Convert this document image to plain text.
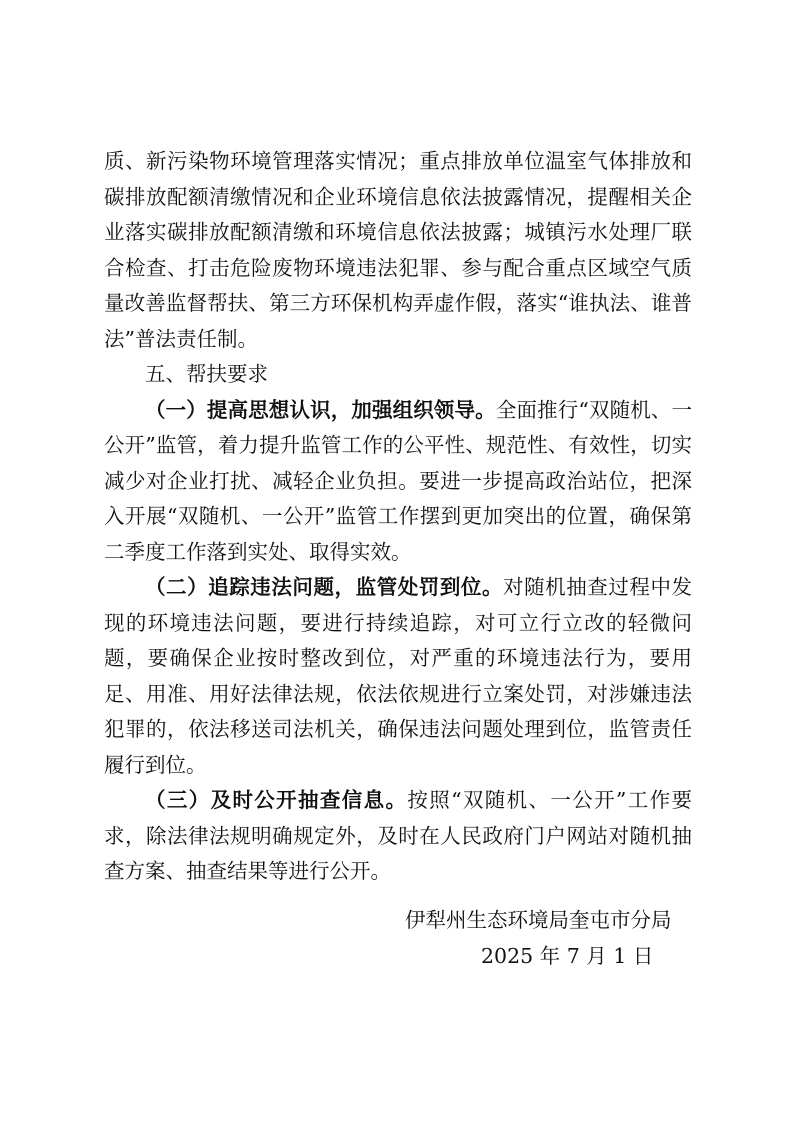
质、新污染物环境管理落实情况；重点排放单位温室气体排放和碳排放配额清缴情况和企业环境信息依法披露情况，提醒相关企业落实碳排放配额清缴和环境信息依法披露；城镇污水处理厂联合检查、打击危险废物环境违法犯罪、参与配合重点区域空气质量改善监督帮扶、第三方环保机构弄虚作假，落实“谁执法、谁普法”普法责任制。

五、帮扶要求

（一）提高思想认识，加强组织领导。全面推行“双随机、一公开”监管，着力提升监管工作的公平性、规范性、有效性，切实减少对企业打扰、减轻企业负担。要进一步提高政治站位，把深入开展“双随机、一公开”监管工作摆到更加突出的位置，确保第二季度工作落到实处、取得实效。

（二）追踪违法问题，监管处罚到位。对随机抽查过程中发现的环境违法问题，要进行持续追踪，对可立行立改的轻微问题，要确保企业按时整改到位，对严重的环境违法行为，要用足、用准、用好法律法规，依法依规进行立案处罚，对涉嫌违法犯罪的，依法移送司法机关，确保违法问题处理到位，监管责任履行到位。

（三）及时公开抽查信息。按照“双随机、一公开”工作要求，除法律法规明确规定外，及时在人民政府门户网站对随机抽查方案、抽查结果等进行公开。

伊犁州生态环境局奎屯市分局
2025 年 7 月 1 日
